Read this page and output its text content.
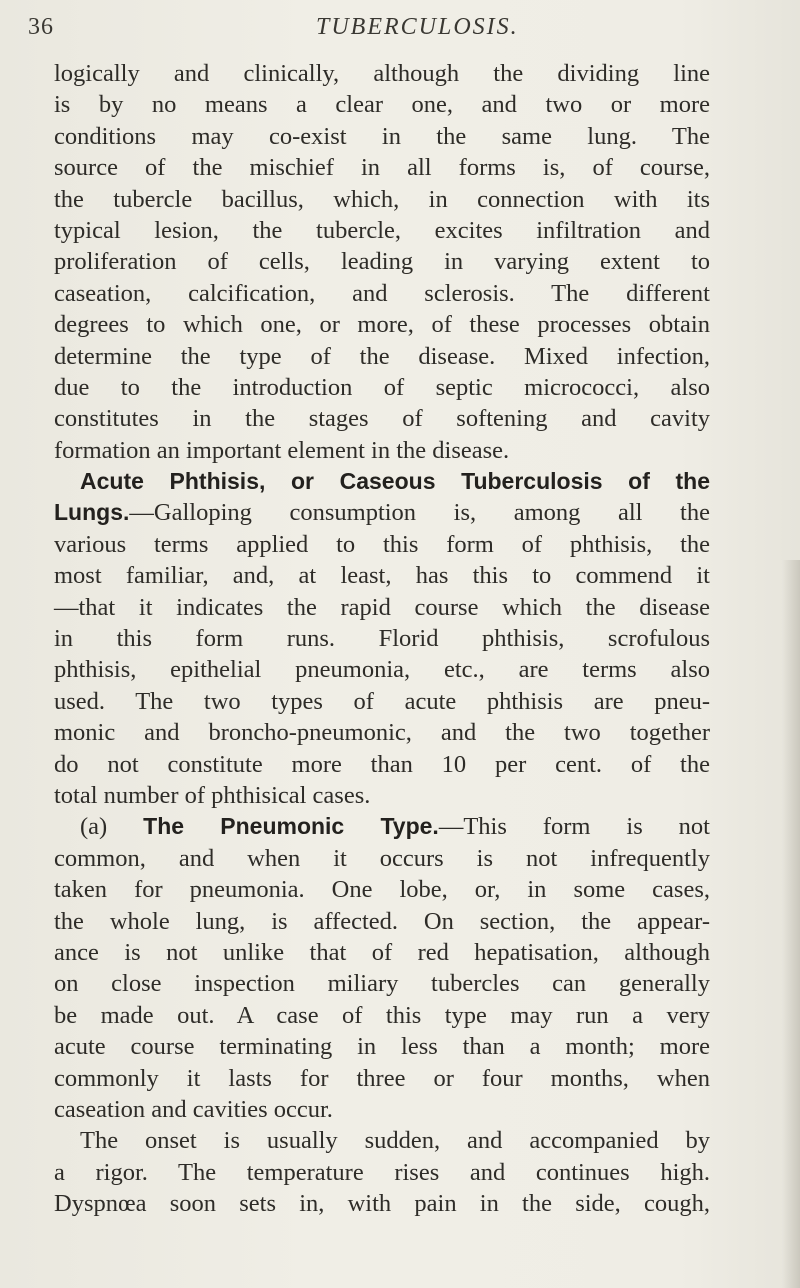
36	TUBERCULOSIS.
logically and clinically, although the dividing line
is by no means a clear one, and two or more
conditions may co-exist in the same lung. The
source of the mischief in all forms is, of course,
the tubercle bacillus, which, in connection with its
typical lesion, the tubercle, excites infiltration and
proliferation of cells, leading in varying extent to
caseation, calcification, and sclerosis. The different
degrees to which one, or more, of these processes obtain
determine the type of the disease. Mixed infection,
due to the introduction of septic micrococci, also
constitutes in the stages of softening and cavity
formation an important element in the disease.
Acute Phthisis, or Caseous Tuberculosis of the
Lungs.—Galloping consumption is, among all the
various terms applied to this form of phthisis, the
most familiar, and, at least, has this to commend it
—that it indicates the rapid course which the disease
in this form runs. Florid phthisis, scrofulous
phthisis, epithelial pneumonia, etc., are terms also
used. The two types of acute phthisis are pneu-
monic and broncho-pneumonic, and the two together
do not constitute more than 10 per cent. of the
total number of phthisical cases.
(a) The Pneumonic Type.—This form is not
common, and when it occurs is not infrequently
taken for pneumonia. One lobe, or, in some cases,
the whole lung, is affected. On section, the appear-
ance is not unlike that of red hepatisation, although
on close inspection miliary tubercles can generally
be made out. A case of this type may run a very
acute course terminating in less than a month; more
commonly it lasts for three or four months, when
caseation and cavities occur.
The onset is usually sudden, and accompanied by
a rigor. The temperature rises and continues high.
Dyspnœa soon sets in, with pain in the side, cough,
